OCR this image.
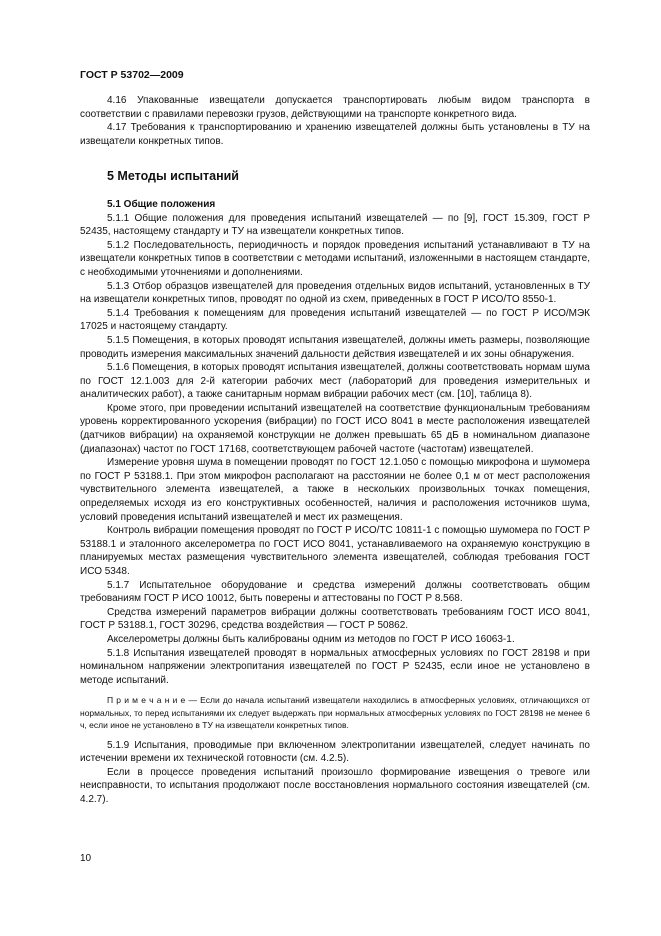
ГОСТ Р 53702—2009

4.16 Упакованные извещатели допускается транспортировать любым видом транспорта в соответствии с правилами перевозки грузов, действующими на транспорте конкретного вида.

4.17 Требования к транспортированию и хранению извещателей должны быть установлены в ТУ на извещатели конкретных типов.

5 Методы испытаний
5.1 Общие положения

5.1.1 Общие положения для проведения испытаний извещателей — по [9], ГОСТ 15.309, ГОСТ Р 52435, настоящему стандарту и ТУ на извещатели конкретных типов.

5.1.2 Последовательность, периодичность и порядок проведения испытаний устанавливают в ТУ на извещатели конкретных типов в соответствии с методами испытаний, изложенными в настоящем стандарте, с необходимыми уточнениями и дополнениями.

5.1.3 Отбор образцов извещателей для проведения отдельных видов испытаний, установленных в ТУ на извещатели конкретных типов, проводят по одной из схем, приведенных в ГОСТ Р ИСО/ТО 8550-1.

5.1.4 Требования к помещениям для проведения испытаний извещателей — по ГОСТ Р ИСО/МЭК 17025 и настоящему стандарту.

5.1.5 Помещения, в которых проводят испытания извещателей, должны иметь размеры, позволяющие проводить измерения максимальных значений дальности действия извещателей и их зоны обнаружения.

5.1.6 Помещения, в которых проводят испытания извещателей, должны соответствовать нормам шума по ГОСТ 12.1.003 для 2-й категории рабочих мест (лабораторий для проведения измерительных и аналитических работ), а также санитарным нормам вибрации рабочих мест (см. [10], таблица 8).

Кроме этого, при проведении испытаний извещателей на соответствие функциональным требованиям уровень корректированного ускорения (вибрации) по ГОСТ ИСО 8041 в месте расположения извещателей (датчиков вибрации) на охраняемой конструкции не должен превышать 65 дБ в номинальном диапазоне (диапазонах) частот по ГОСТ 17168, соответствующем рабочей частоте (частотам) извещателей.

Измерение уровня шума в помещении проводят по ГОСТ 12.1.050 с помощью микрофона и шумомера по ГОСТ Р 53188.1. При этом микрофон располагают на расстоянии не более 0,1 м от мест расположения чувствительного элемента извещателей, а также в нескольких произвольных точках помещения, определяемых исходя из его конструктивных особенностей, наличия и расположения источников шума, условий проведения испытаний извещателей и мест их размещения.

Контроль вибрации помещения проводят по ГОСТ Р ИСО/ТС 10811-1 с помощью шумомера по ГОСТ Р 53188.1 и эталонного акселерометра по ГОСТ ИСО 8041, устанавливаемого на охраняемую конструкцию в планируемых местах размещения чувствительного элемента извещателей, соблюдая требования ГОСТ ИСО 5348.

5.1.7 Испытательное оборудование и средства измерений должны соответствовать общим требованиям ГОСТ Р ИСО 10012, быть поверены и аттестованы по ГОСТ Р 8.568.

Средства измерений параметров вибрации должны соответствовать требованиям ГОСТ ИСО 8041, ГОСТ Р 53188.1, ГОСТ 30296, средства воздействия — ГОСТ Р 50862.

Акселерометры должны быть калиброваны одним из методов по ГОСТ Р ИСО 16063-1.

5.1.8 Испытания извещателей проводят в нормальных атмосферных условиях по ГОСТ 28198 и при номинальном напряжении электропитания извещателей по ГОСТ Р 52435, если иное не установлено в методе испытаний.

П р и м е ч а н и е — Если до начала испытаний извещатели находились в атмосферных условиях, отличающихся от нормальных, то перед испытаниями их следует выдержать при нормальных атмосферных условиях по ГОСТ 28198 не менее 6 ч, если иное не установлено в ТУ на извещатели конкретных типов.

5.1.9 Испытания, проводимые при включенном электропитании извещателей, следует начинать по истечении времени их технической готовности (см. 4.2.5).

Если в процессе проведения испытаний произошло формирование извещения о тревоге или неисправности, то испытания продолжают после восстановления нормального состояния извещателей (см. 4.2.7).

10
